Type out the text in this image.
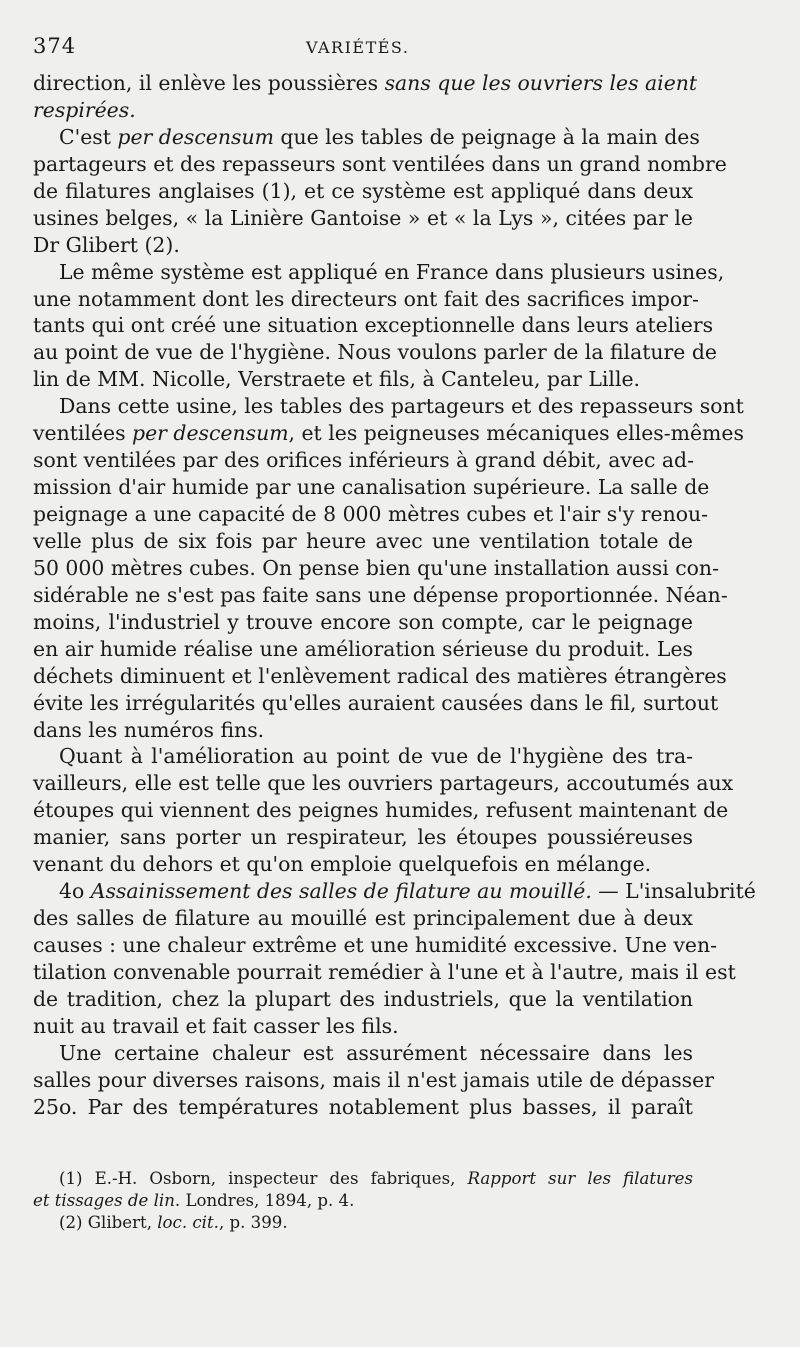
374	VARIÉTÉS.
direction, il enlève les poussières sans que les ouvriers les aient
respirées.
C'est per descensum que les tables de peignage à la main des
partageurs et des repasseurs sont ventilées dans un grand nombre
de filatures anglaises (1), et ce système est appliqué dans deux
usines belges, « la Linière Gantoise » et « la Lys », citées par le
Dr Glibert (2).
Le même système est appliqué en France dans plusieurs usines,
une notamment dont les directeurs ont fait des sacrifices impor-
tants qui ont créé une situation exceptionnelle dans leurs ateliers
au point de vue de l'hygiène. Nous voulons parler de la filature de
lin de MM. Nicolle, Verstraete et fils, à Canteleu, par Lille.
Dans cette usine, les tables des partageurs et des repasseurs sont
ventilées per descensum, et les peigneuses mécaniques elles-mêmes
sont ventilées par des orifices inférieurs à grand débit, avec ad-
mission d'air humide par une canalisation supérieure. La salle de
peignage a une capacité de 8 000 mètres cubes et l'air s'y renou-
velle plus de six fois par heure avec une ventilation totale de
50 000 mètres cubes. On pense bien qu'une installation aussi con-
sidérable ne s'est pas faite sans une dépense proportionnée. Néan-
moins, l'industriel y trouve encore son compte, car le peignage
en air humide réalise une amélioration sérieuse du produit. Les
déchets diminuent et l'enlèvement radical des matières étrangères
évite les irrégularités qu'elles auraient causées dans le fil, surtout
dans les numéros fins.
Quant à l'amélioration au point de vue de l'hygiène des tra-
vailleurs, elle est telle que les ouvriers partageurs, accoutumés aux
étoupes qui viennent des peignes humides, refusent maintenant de
manier, sans porter un respirateur, les étoupes poussiéreuses
venant du dehors et qu'on emploie quelquefois en mélange.
4o Assainissement des salles de filature au mouillé. — L'insalubrité
des salles de filature au mouillé est principalement due à deux
causes : une chaleur extrême et une humidité excessive. Une ven-
tilation convenable pourrait remédier à l'une et à l'autre, mais il est
de tradition, chez la plupart des industriels, que la ventilation
nuit au travail et fait casser les fils.
Une certaine chaleur est assurément nécessaire dans les
salles pour diverses raisons, mais il n'est jamais utile de dépasser
25o. Par des températures notablement plus basses, il paraît
(1) E.-H. Osborn, inspecteur des fabriques, Rapport sur les filatures
et tissages de lin. Londres, 1894, p. 4.
(2) Glibert, loc. cit., p. 399.
